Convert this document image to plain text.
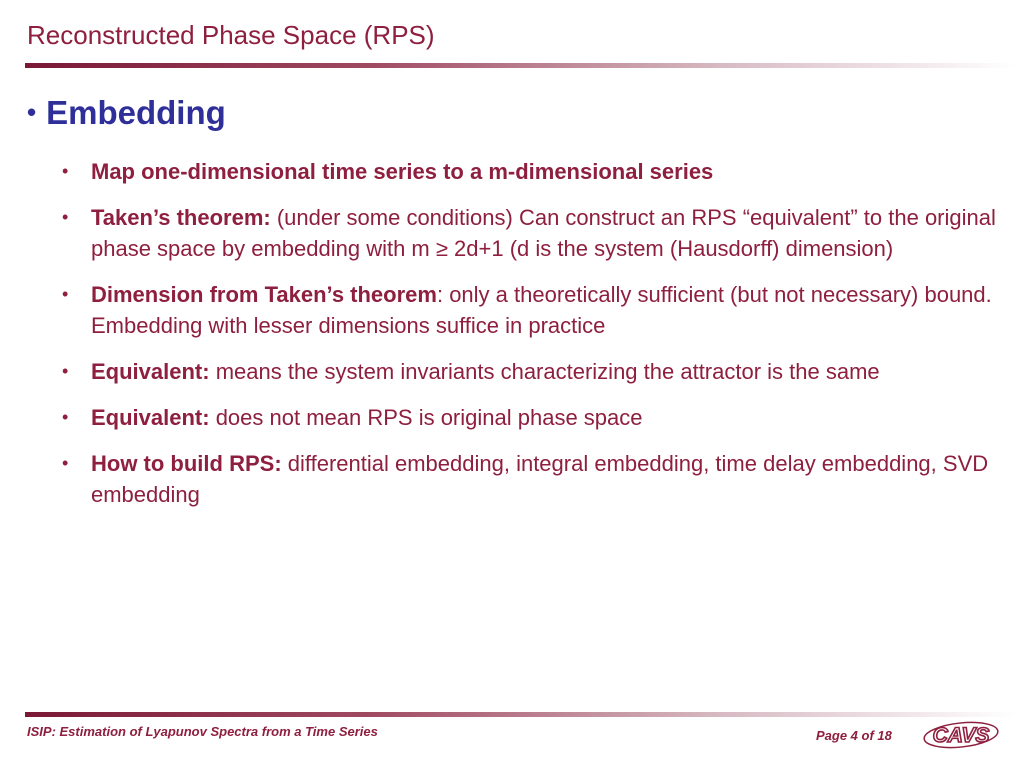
Reconstructed Phase Space (RPS)
• Embedding
• Map one-dimensional time series to a m-dimensional series
• Taken’s theorem: (under some conditions) Can construct an RPS “equivalent” to the original phase space by embedding with m ≥ 2d+1 (d is the system (Hausdorff) dimension)
• Dimension from Taken’s theorem: only a theoretically sufficient (but not necessary) bound. Embedding with lesser dimensions suffice in practice
• Equivalent: means the system invariants characterizing the attractor is the same
• Equivalent: does not mean RPS is original phase space
• How to build RPS: differential embedding, integral embedding, time delay embedding, SVD embedding
ISIP: Estimation of Lyapunov Spectra from a Time Series	Page 4 of 18 CAVS
